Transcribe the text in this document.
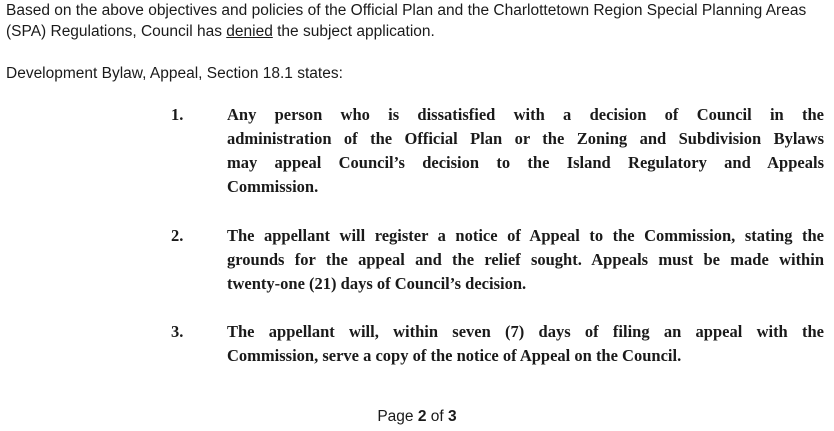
Based on the above objectives and policies of the Official Plan and the Charlottetown Region Special Planning Areas
(SPA) Regulations, Council has denied the subject application.
Development Bylaw, Appeal, Section 18.1 states:
1.	Any person who is dissatisfied with a decision of Council in the
administration of the Official Plan or the Zoning and Subdivision Bylaws
may appeal Council’s decision to the Island Regulatory and Appeals
Commission.
2.	The appellant will register a notice of Appeal to the Commission, stating the
grounds for the appeal and the relief sought. Appeals must be made within
twenty-one (21) days of Council’s decision.
3.	The appellant will, within seven (7) days of filing an appeal with the
Commission, serve a copy of the notice of Appeal on the Council.
Page 2 of 3
